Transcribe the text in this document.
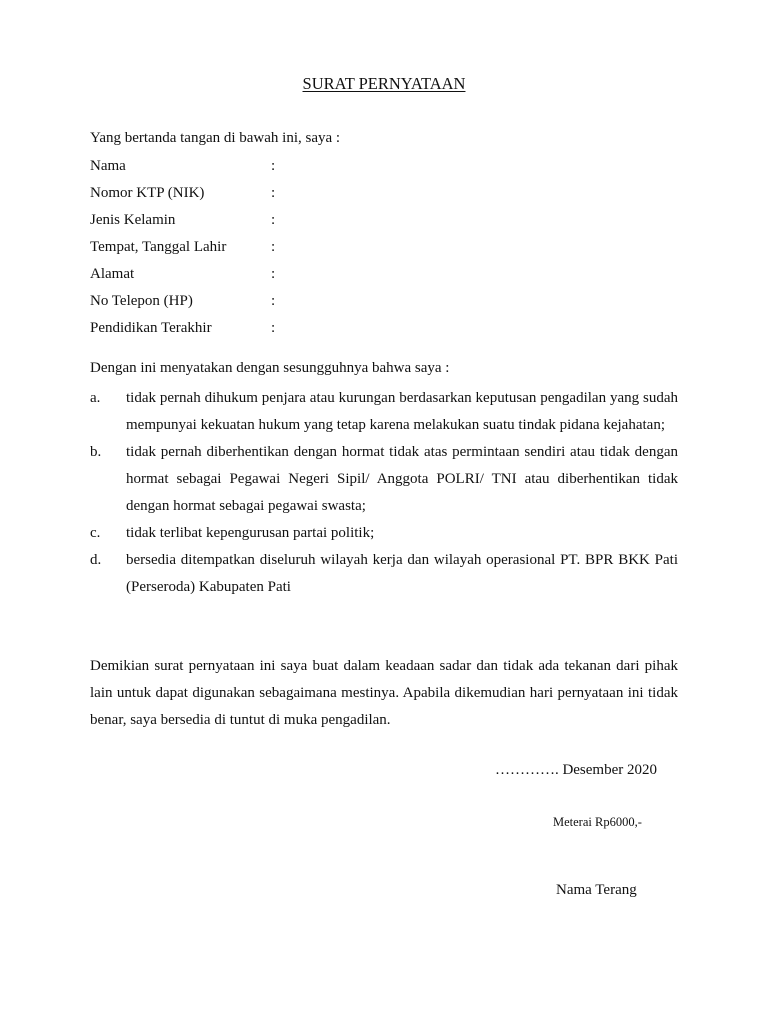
SURAT PERNYATAAN
Yang bertanda tangan di bawah ini, saya :
Nama	:
Nomor KTP (NIK)	:
Jenis Kelamin	:
Tempat, Tanggal Lahir	:
Alamat	:
No Telepon (HP)	:
Pendidikan Terakhir	:
Dengan ini menyatakan dengan sesungguhnya bahwa saya :
a. tidak pernah dihukum penjara atau kurungan berdasarkan keputusan pengadilan yang sudah mempunyai kekuatan hukum yang tetap karena melakukan suatu tindak pidana kejahatan;
b. tidak pernah diberhentikan dengan hormat tidak atas permintaan sendiri atau tidak dengan hormat sebagai Pegawai Negeri Sipil/ Anggota POLRI/ TNI atau diberhentikan tidak dengan hormat sebagai pegawai swasta;
c. tidak terlibat kepengurusan partai politik;
d. bersedia ditempatkan diseluruh wilayah kerja dan wilayah operasional PT. BPR BKK Pati (Perseroda) Kabupaten Pati
Demikian surat pernyataan ini saya buat dalam keadaan sadar dan tidak ada tekanan dari pihak lain untuk dapat digunakan sebagaimana mestinya. Apabila dikemudian hari pernyataan ini tidak benar, saya bersedia di tuntut di muka pengadilan.
…………. Desember 2020
Meterai Rp6000,-
Nama Terang
